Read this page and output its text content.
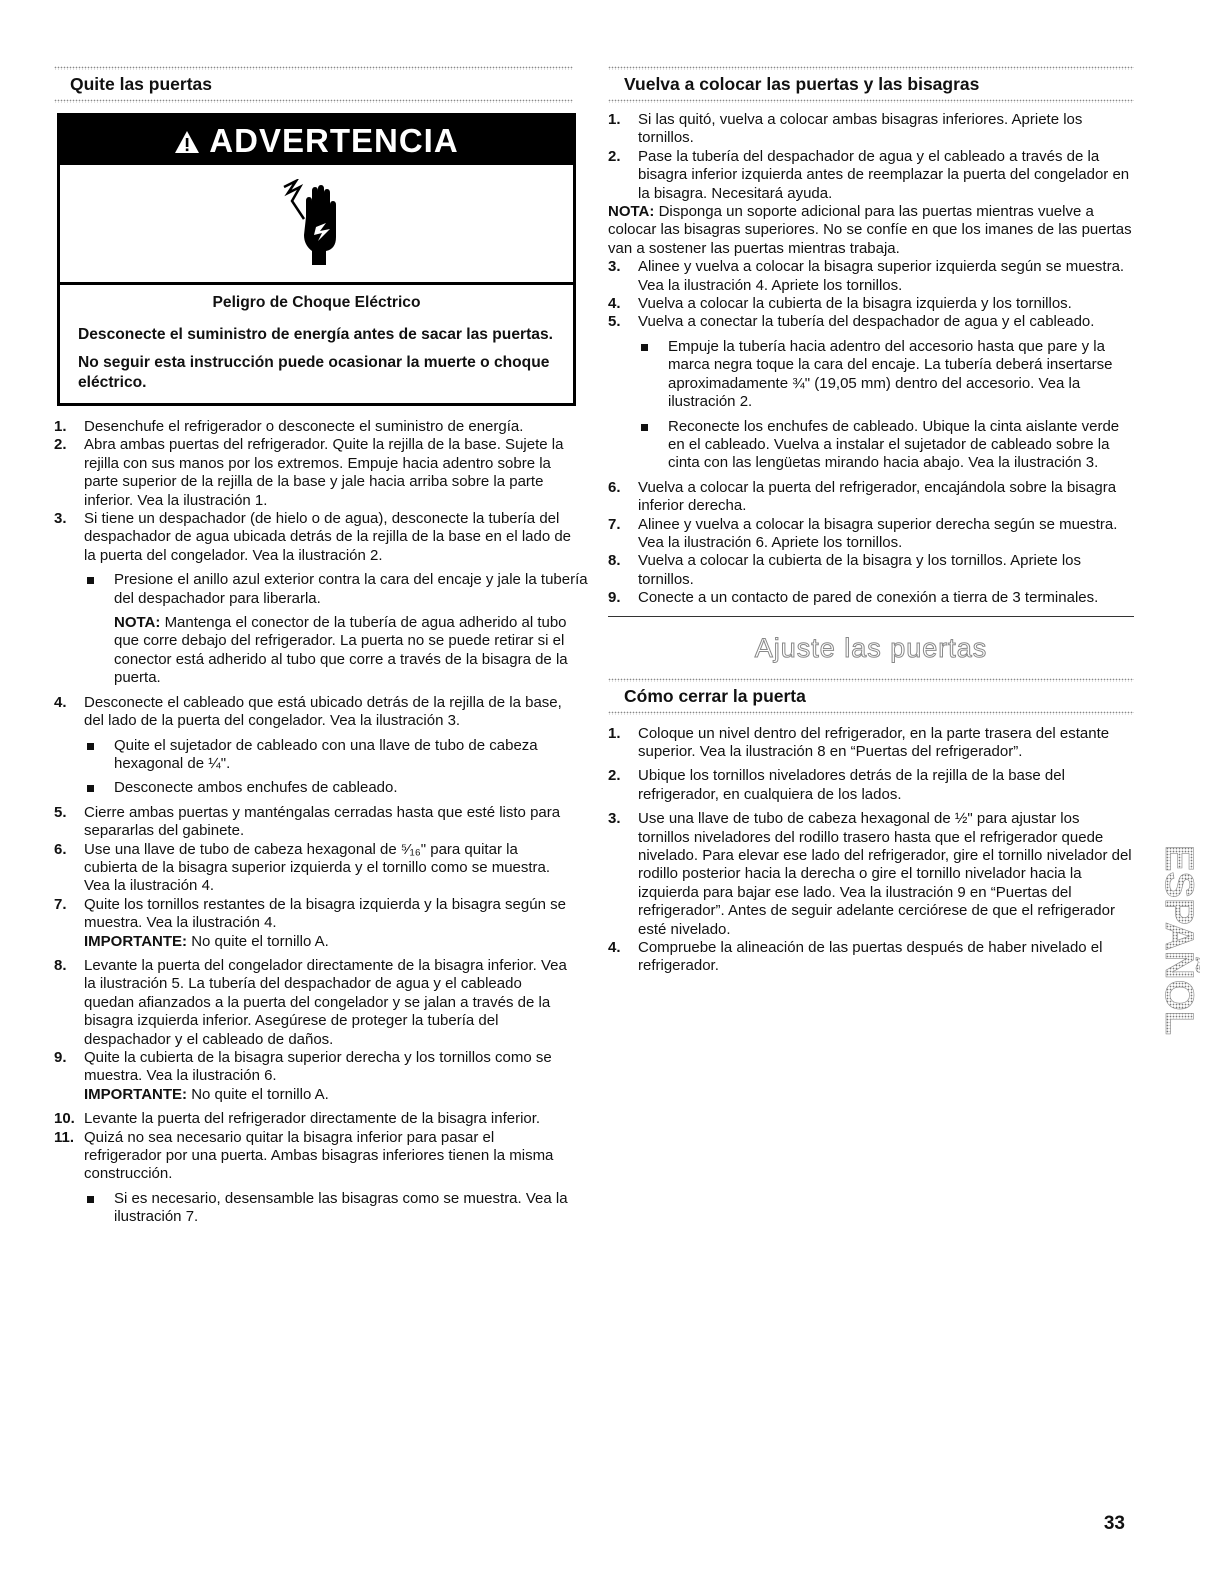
Quite las puertas
ADVERTENCIA

Peligro de Choque Eléctrico

Desconecte el suministro de energía antes de sacar las puertas.

No seguir esta instrucción puede ocasionar la muerte o choque eléctrico.

1. Desenchufe el refrigerador o desconecte el suministro de energía.
2. Abra ambas puertas del refrigerador. Quite la rejilla de la base. Sujete la rejilla con sus manos por los extremos. Empuje hacia adentro sobre la parte superior de la rejilla de la base y jale hacia arriba sobre la parte inferior. Vea la ilustración 1.
3. Si tiene un despachador (de hielo o de agua), desconecte la tubería del despachador de agua ubicada detrás de la rejilla de la base en el lado de la puerta del congelador. Vea la ilustración 2.
Presione el anillo azul exterior contra la cara del encaje y jale la tubería del despachador para liberarla.
NOTA: Mantenga el conector de la tubería de agua adherido al tubo que corre debajo del refrigerador. La puerta no se puede retirar si el conector está adherido al tubo que corre a través de la bisagra de la puerta.
4. Desconecte el cableado que está ubicado detrás de la rejilla de la base, del lado de la puerta del congelador. Vea la ilustración 3.
Quite el sujetador de cableado con una llave de tubo de cabeza hexagonal de ¼".
Desconecte ambos enchufes de cableado.
5. Cierre ambas puertas y manténgalas cerradas hasta que esté listo para separarlas del gabinete.
6. Use una llave de tubo de cabeza hexagonal de ⁵⁄₁₆" para quitar la cubierta de la bisagra superior izquierda y el tornillo como se muestra. Vea la ilustración 4.
7. Quite los tornillos restantes de la bisagra izquierda y la bisagra según se muestra. Vea la ilustración 4.
IMPORTANTE: No quite el tornillo A.
8. Levante la puerta del congelador directamente de la bisagra inferior. Vea la ilustración 5. La tubería del despachador de agua y el cableado quedan afianzados a la puerta del congelador y se jalan a través de la bisagra izquierda inferior. Asegúrese de proteger la tubería del despachador y el cableado de daños.
9. Quite la cubierta de la bisagra superior derecha y los tornillos como se muestra. Vea la ilustración 6.
IMPORTANTE: No quite el tornillo A.
10. Levante la puerta del refrigerador directamente de la bisagra inferior.
11. Quizá no sea necesario quitar la bisagra inferior para pasar el refrigerador por una puerta. Ambas bisagras inferiores tienen la misma construcción.
Si es necesario, desensamble las bisagras como se muestra. Vea la ilustración 7.
Vuelva a colocar las puertas y las bisagras
1. Si las quitó, vuelva a colocar ambas bisagras inferiores. Apriete los tornillos.
2. Pase la tubería del despachador de agua y el cableado a través de la bisagra inferior izquierda antes de reemplazar la puerta del congelador en la bisagra. Necesitará ayuda.

NOTA: Disponga un soporte adicional para las puertas mientras vuelve a colocar las bisagras superiores. No se confíe en que los imanes de las puertas van a sostener las puertas mientras trabaja.

3. Alinee y vuelva a colocar la bisagra superior izquierda según se muestra. Vea la ilustración 4. Apriete los tornillos.
4. Vuelva a colocar la cubierta de la bisagra izquierda y los tornillos.
5. Vuelva a conectar la tubería del despachador de agua y el cableado.
Empuje la tubería hacia adentro del accesorio hasta que pare y la marca negra toque la cara del encaje. La tubería deberá insertarse aproximadamente ¾" (19,05 mm) dentro del accesorio. Vea la ilustración 2.
Reconecte los enchufes de cableado. Ubique la cinta aislante verde en el cableado. Vuelva a instalar el sujetador de cableado sobre la cinta con las lengüetas mirando hacia abajo. Vea la ilustración 3.
6. Vuelva a colocar la puerta del refrigerador, encajándola sobre la bisagra inferior derecha.
7. Alinee y vuelva a colocar la bisagra superior derecha según se muestra. Vea la ilustración 6. Apriete los tornillos.
8. Vuelva a colocar la cubierta de la bisagra y los tornillos. Apriete los tornillos.
9. Conecte a un contacto de pared de conexión a tierra de 3 terminales.
Ajuste las puertas
Cómo cerrar la puerta
1. Coloque un nivel dentro del refrigerador, en la parte trasera del estante superior. Vea la ilustración 8 en “Puertas del refrigerador”.
2. Ubique los tornillos niveladores detrás de la rejilla de la base del refrigerador, en cualquiera de los lados.
3. Use una llave de tubo de cabeza hexagonal de ½" para ajustar los tornillos niveladores del rodillo trasero hasta que el refrigerador quede nivelado. Para elevar ese lado del refrigerador, gire el tornillo nivelador del rodillo posterior hacia la derecha o gire el tornillo nivelador hacia la izquierda para bajar ese lado. Vea la ilustración 9 en “Puertas del refrigerador”. Antes de seguir adelante cerciórese de que el refrigerador esté nivelado.
4. Compruebe la alineación de las puertas después de haber nivelado el refrigerador.	ESPAÑOL
33
